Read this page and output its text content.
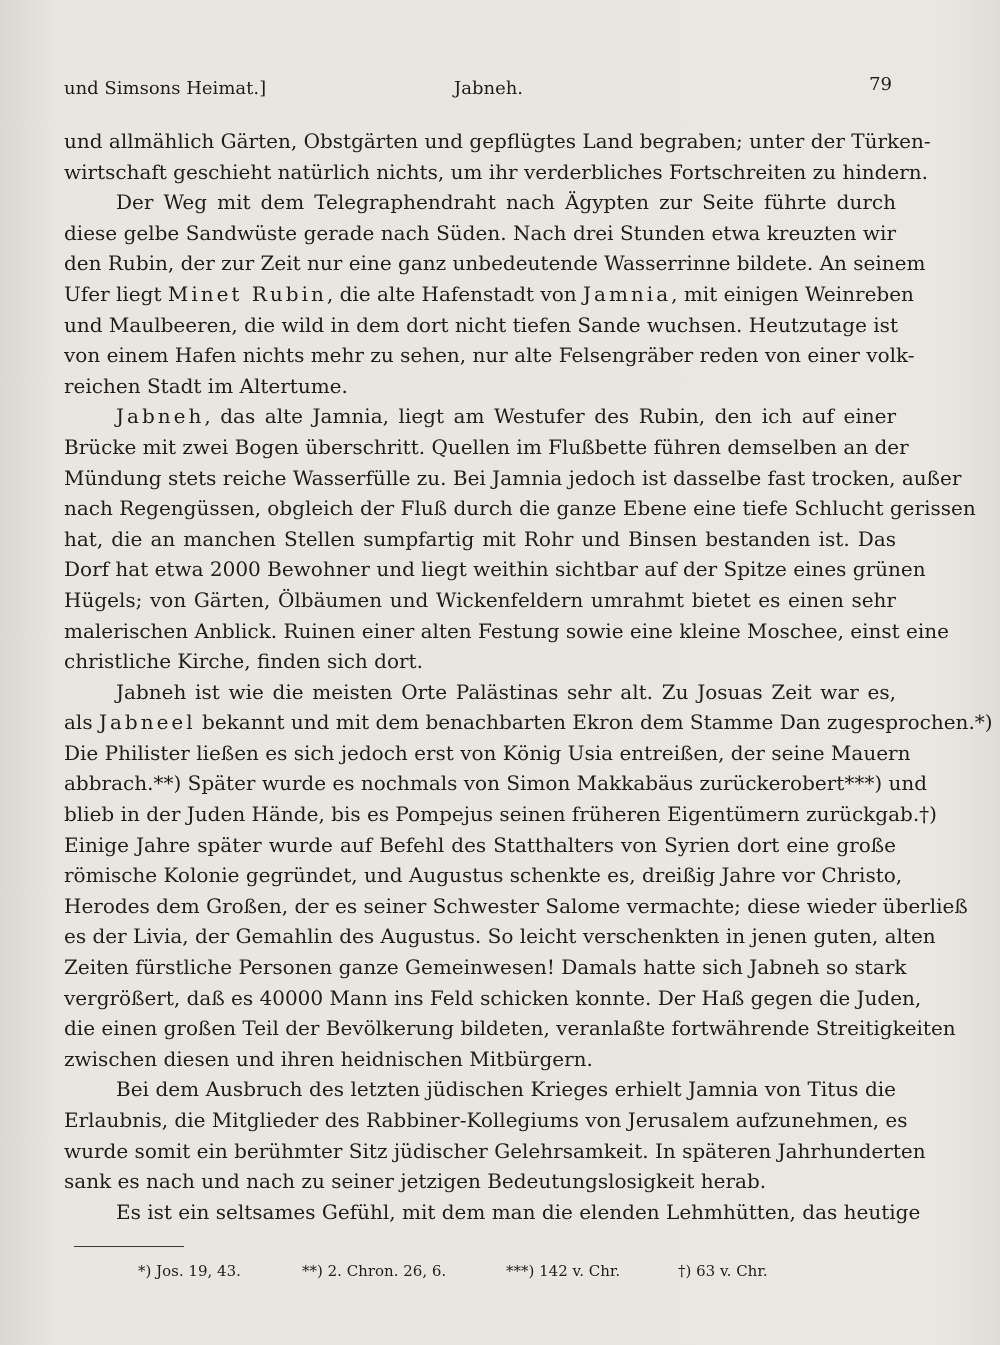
und Simsons Heimat.]	Jabneh.	79
und allmählich Gärten, Obstgärten und gepflügtes Land begraben; unter der Türken-
wirtschaft geschieht natürlich nichts, um ihr verderbliches Fortschreiten zu hindern.
Der Weg mit dem Telegraphendraht nach Ägypten zur Seite führte durch
diese gelbe Sandwüste gerade nach Süden. Nach drei Stunden etwa kreuzten wir
den Rubin, der zur Zeit nur eine ganz unbedeutende Wasserrinne bildete. An seinem
Ufer liegt Minet Rubin, die alte Hafenstadt von Jamnia, mit einigen Weinreben
und Maulbeeren, die wild in dem dort nicht tiefen Sande wuchsen. Heutzutage ist
von einem Hafen nichts mehr zu sehen, nur alte Felsengräber reden von einer volk-
reichen Stadt im Altertume.
Jabneh, das alte Jamnia, liegt am Westufer des Rubin, den ich auf einer
Brücke mit zwei Bogen überschritt. Quellen im Flußbette führen demselben an der
Mündung stets reiche Wasserfülle zu. Bei Jamnia jedoch ist dasselbe fast trocken, außer
nach Regengüssen, obgleich der Fluß durch die ganze Ebene eine tiefe Schlucht gerissen
hat, die an manchen Stellen sumpfartig mit Rohr und Binsen bestanden ist. Das
Dorf hat etwa 2000 Bewohner und liegt weithin sichtbar auf der Spitze eines grünen
Hügels; von Gärten, Ölbäumen und Wickenfeldern umrahmt bietet es einen sehr
malerischen Anblick. Ruinen einer alten Festung sowie eine kleine Moschee, einst eine
christliche Kirche, finden sich dort.
Jabneh ist wie die meisten Orte Palästinas sehr alt. Zu Josuas Zeit war es,
als Jabneel bekannt und mit dem benachbarten Ekron dem Stamme Dan zugesprochen.*)
Die Philister ließen es sich jedoch erst von König Usia entreißen, der seine Mauern
abbrach.**) Später wurde es nochmals von Simon Makkabäus zurückerobert***) und
blieb in der Juden Hände, bis es Pompejus seinen früheren Eigentümern zurückgab.†)
Einige Jahre später wurde auf Befehl des Statthalters von Syrien dort eine große
römische Kolonie gegründet, und Augustus schenkte es, dreißig Jahre vor Christo,
Herodes dem Großen, der es seiner Schwester Salome vermachte; diese wieder überließ
es der Livia, der Gemahlin des Augustus. So leicht verschenkten in jenen guten, alten
Zeiten fürstliche Personen ganze Gemeinwesen! Damals hatte sich Jabneh so stark
vergrößert, daß es 40000 Mann ins Feld schicken konnte. Der Haß gegen die Juden,
die einen großen Teil der Bevölkerung bildeten, veranlaßte fortwährende Streitigkeiten
zwischen diesen und ihren heidnischen Mitbürgern.
Bei dem Ausbruch des letzten jüdischen Krieges erhielt Jamnia von Titus die
Erlaubnis, die Mitglieder des Rabbiner-Kollegiums von Jerusalem aufzunehmen, es
wurde somit ein berühmter Sitz jüdischer Gelehrsamkeit. In späteren Jahrhunderten
sank es nach und nach zu seiner jetzigen Bedeutungslosigkeit herab.
Es ist ein seltsames Gefühl, mit dem man die elenden Lehmhütten, das heutige
*) Jos. 19, 43.	**) 2. Chron. 26, 6.	***) 142 v. Chr.	†) 63 v. Chr.
